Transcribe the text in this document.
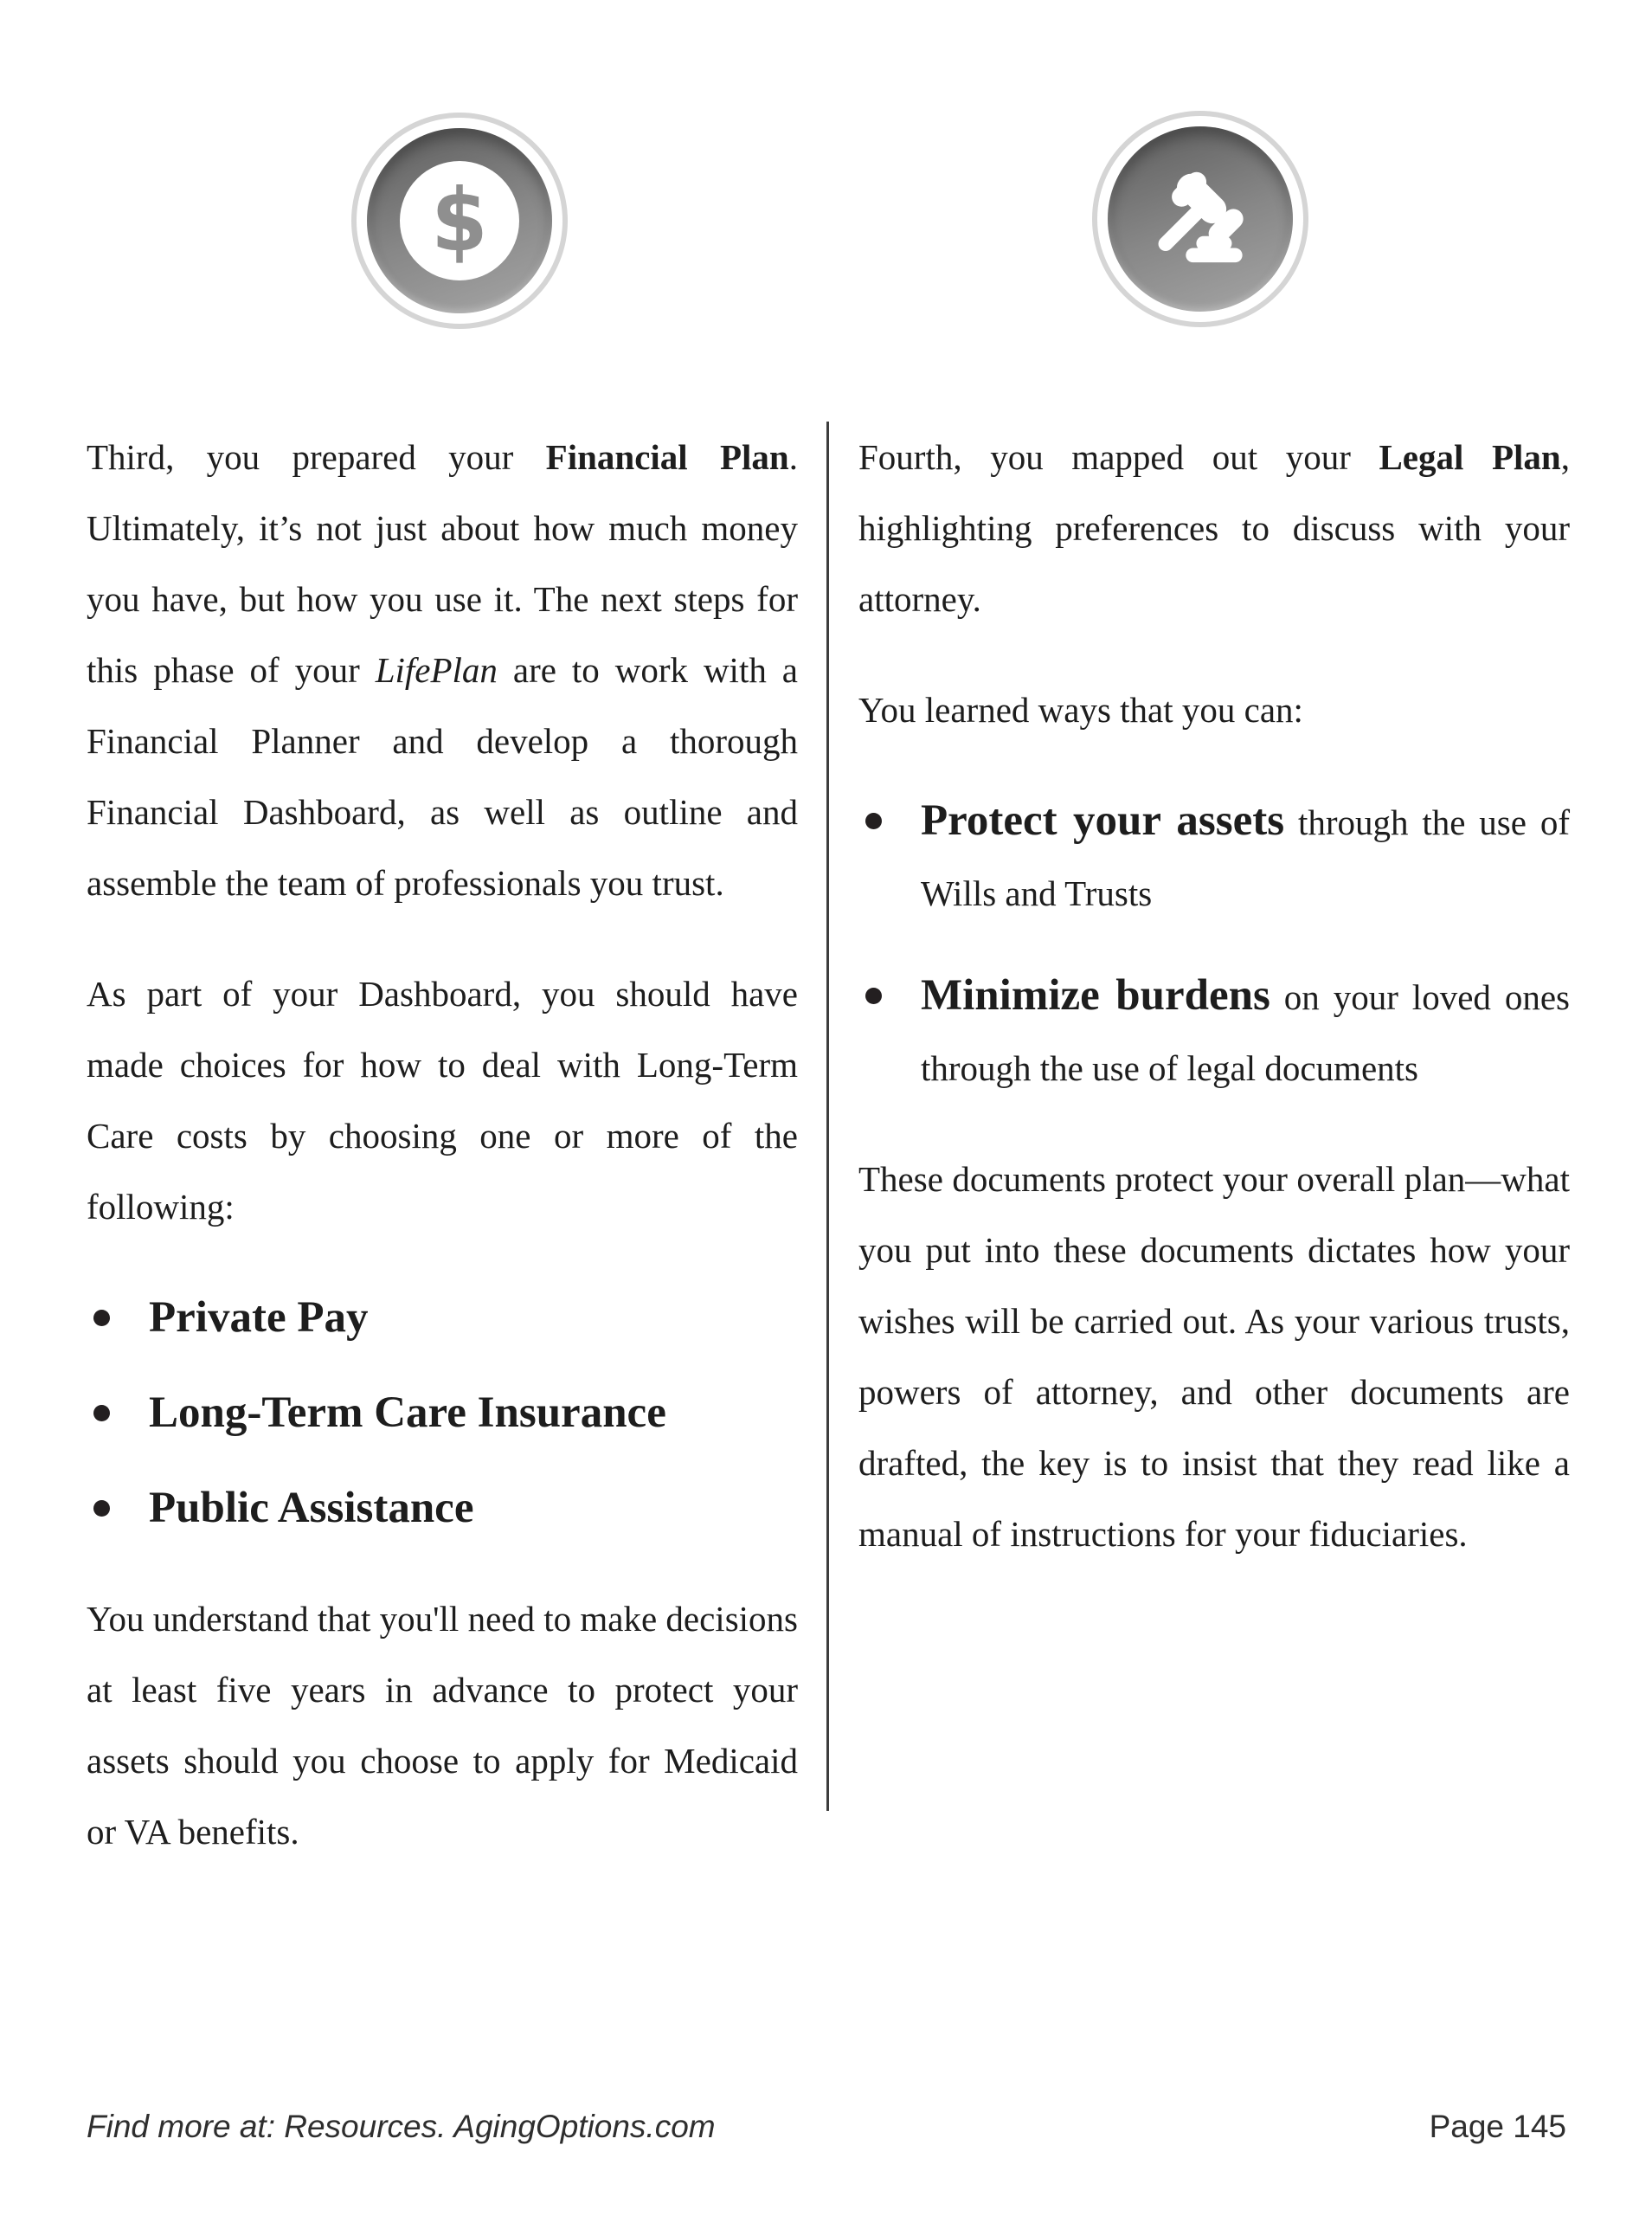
$

Third, you prepared your Financial Plan. Ultimately, it’s not just about how much money you have, but how you use it. The next steps for this phase of your LifePlan are to work with a Financial Planner and develop a thorough Financial Dashboard, as well as outline and assemble the team of professionals you trust.

As part of your Dashboard, you should have made choices for how to deal with Long-Term Care costs by choosing one or more of the following:

Private Pay
Long-Term Care Insurance
Public Assistance

You understand that you'll need to make decisions at least five years in advance to protect your assets should you choose to apply for Medicaid or VA benefits.

Fourth, you mapped out your Legal Plan, highlighting preferences to discuss with your attorney.

You learned ways that you can:

Protect your assets through the use of Wills and Trusts
Minimize burdens on your loved ones through the use of legal documents

These documents protect your overall plan—what you put into these documents dictates how your wishes will be carried out. As your various trusts, powers of attorney, and other documents are drafted, the key is to insist that they read like a manual of instructions for your fiduciaries.

Find more at: Resources. AgingOptions.com	Page 145
